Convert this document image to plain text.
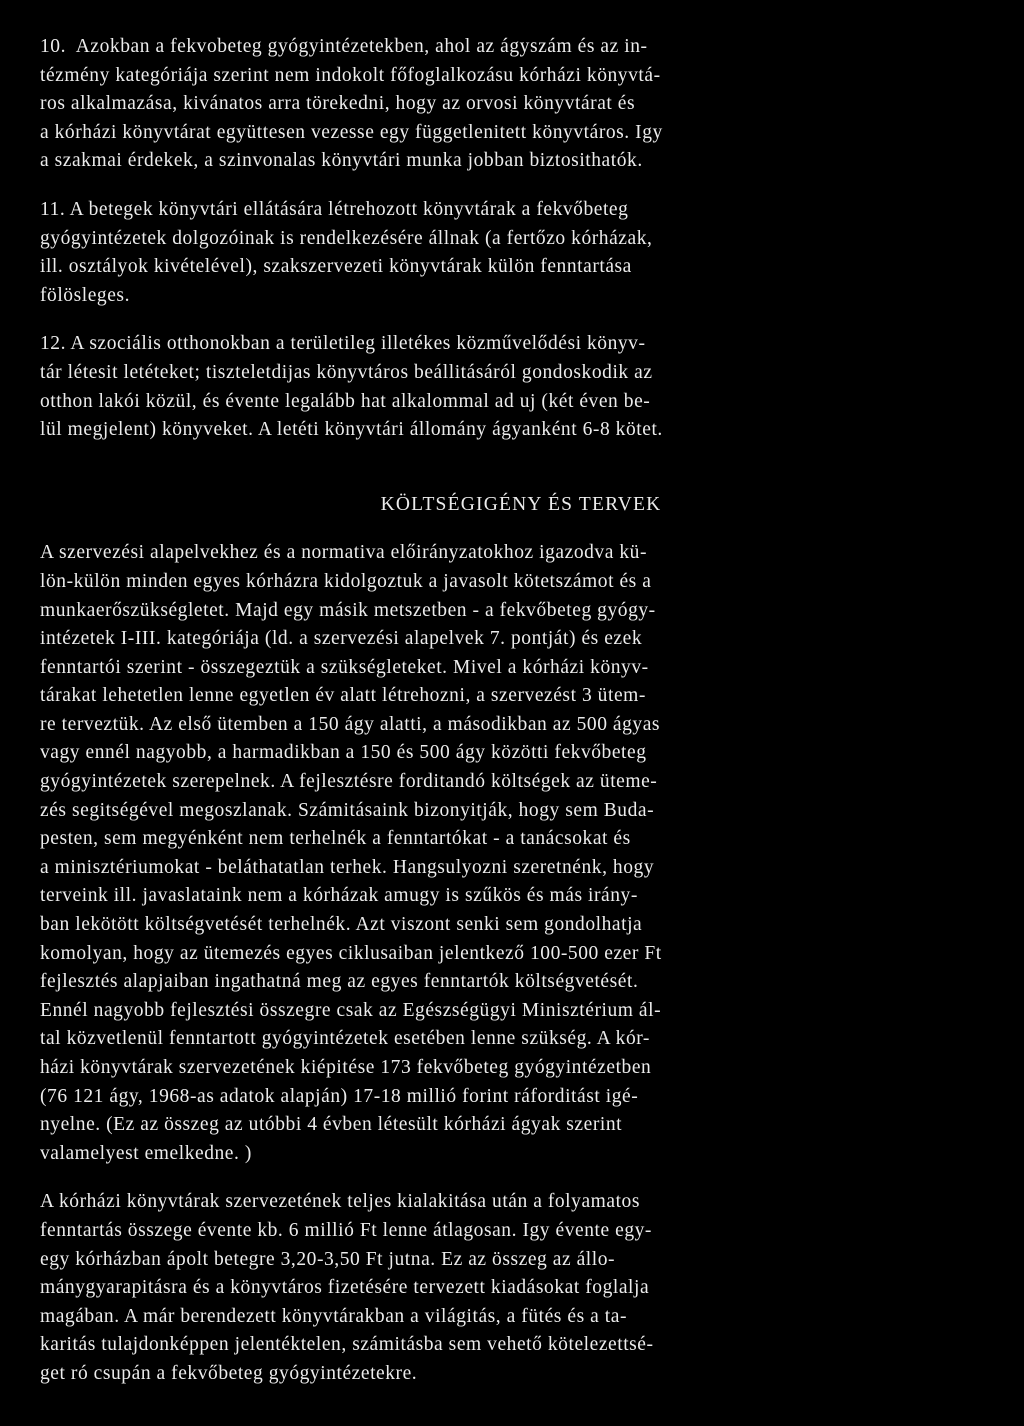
10.  Azokban a fekvobeteg gyógyintézetekben, ahol az ágyszám és az in-
tézmény kategóriája szerint nem indokolt főfoglalkozásu kórházi könyvtá-
ros alkalmazása, kivánatos arra törekedni, hogy az orvosi könyvtárat és
a kórházi könyvtárat együttesen vezesse egy függetlenitett könyvtáros. Igy
a szakmai érdekek, a szinvonalas könyvtári munka jobban biztosithatók.
11. A betegek könyvtári ellátására létrehozott könyvtárak a fekvőbeteg
gyógyintézetek dolgozóinak is rendelkezésére állnak (a fertőzo kórházak,
ill. osztályok kivételével), szakszervezeti könyvtárak külön fenntartása
fölösleges.
12. A szociális otthonokban a területileg illetékes közművelődési könyv-
tár létesit letéteket; tiszteletdijas könyvtáros beállitásáról gondoskodik az
otthon lakói közül, és évente legalább hat alkalommal ad uj (két éven be-
lül megjelent) könyveket. A letéti könyvtári állomány ágyanként 6-8 kötet.
KÖLTSÉGIGÉNY ÉS TERVEK
A szervezési alapelvekhez és a normativa előirányzatokhoz igazodva kü-
lön-külön minden egyes kórházra kidolgoztuk a javasolt kötetszámot és a
munkaerőszükségletet. Majd egy másik metszetben - a fekvőbeteg gyógy-
intézetek I-III. kategóriája (ld. a szervezési alapelvek 7. pontját) és ezek
fenntartói szerint - összegeztük a szükségleteket. Mivel a kórházi könyv-
tárakat lehetetlen lenne egyetlen év alatt létrehozni, a szervezést 3 ütem-
re terveztük. Az első ütemben a 150 ágy alatti, a másodikban az 500 ágyas
vagy ennél nagyobb, a harmadikban a 150 és 500 ágy közötti fekvőbeteg
gyógyintézetek szerepelnek. A fejlesztésre forditandó költségek az üteme-
zés segitségével megoszlanak. Számitásaink bizonyitják, hogy sem Buda-
pesten, sem megyénként nem terhelnék a fenntartókat - a tanácsokat és
a minisztériumokat - beláthatatlan terhek. Hangsulyozni szeretnénk, hogy
terveink ill. javaslataink nem a kórházak amugy is szűkös és más irány-
ban lekötött költségvetését terhelnék. Azt viszont senki sem gondolhatja
komolyan, hogy az ütemezés egyes ciklusaiban jelentkező 100-500 ezer Ft
fejlesztés alapjaiban ingathatná meg az egyes fenntartók költségvetését.
Ennél nagyobb fejlesztési összegre csak az Egészségügyi Minisztérium ál-
tal közvetlenül fenntartott gyógyintézetek esetében lenne szükség. A kór-
házi könyvtárak szervezetének kiépitése 173 fekvőbeteg gyógyintézetben
(76 121 ágy, 1968-as adatok alapján) 17-18 millió forint ráforditást igé-
nyelne. (Ez az összeg az utóbbi 4 évben létesült kórházi ágyak szerint
valamelyest emelkedne. )
A kórházi könyvtárak szervezetének teljes kialakitása után a folyamatos
fenntartás összege évente kb. 6 millió Ft lenne átlagosan. Igy évente egy-
egy kórházban ápolt betegre 3,20-3,50 Ft jutna. Ez az összeg az állo-
mánygyarapitásra és a könyvtáros fizetésére tervezett kiadásokat foglalja
magában. A már berendezett könyvtárakban a világitás, a fütés és a ta-
karitás tulajdonképpen jelentéktelen, számitásba sem vehető kötelezettsé-
get ró csupán a fekvőbeteg gyógyintézetekre.
